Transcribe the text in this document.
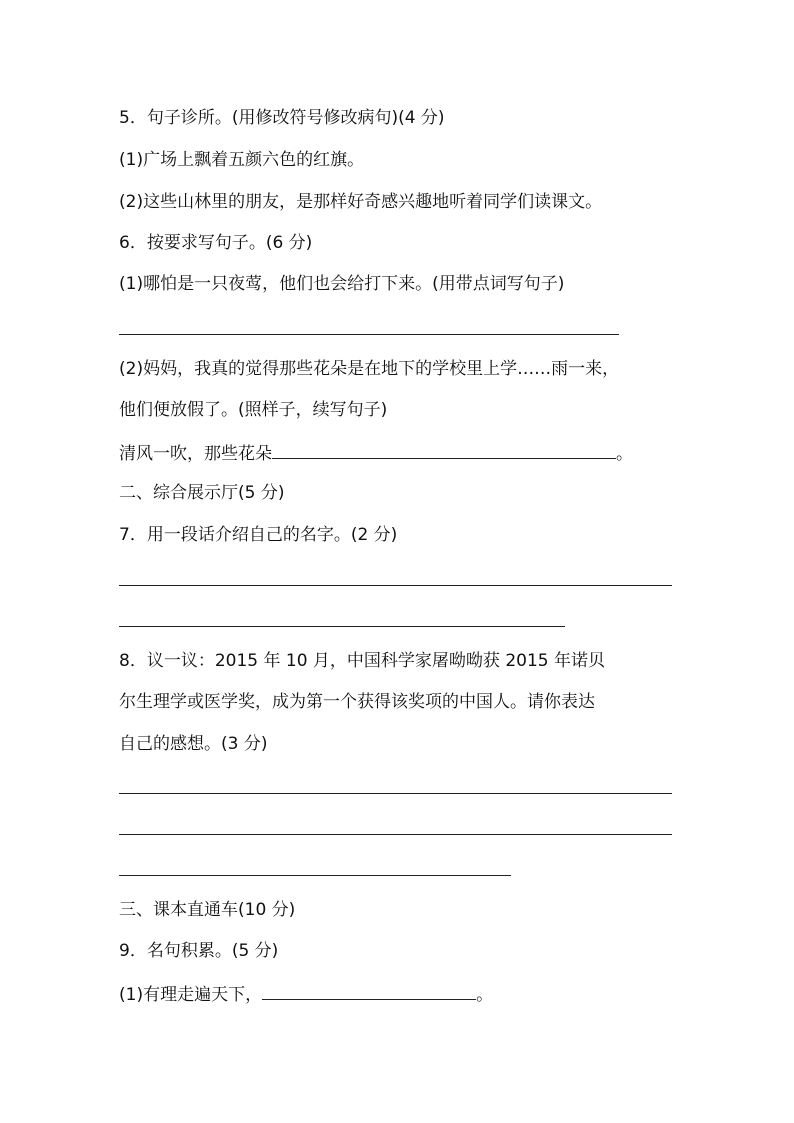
5．句子诊所。(用修改符号修改病句)(4 分)
(1)广场上飘着五颜六色的红旗。
(2)这些山林里的朋友，是那样好奇感兴趣地听着同学们读课文。
6．按要求写句子。(6 分)
(1)哪怕是一只夜莺，他们也会给打下来。(用带点词写句子)
(2)妈妈，我真的觉得那些花朵是在地下的学校里上学……雨一来，
他们便放假了。(照样子，续写句子)
清风一吹，那些花朵	。
二、综合展示厅(5 分)
7．用一段话介绍自己的名字。(2 分)
8．议一议：2015 年 10 月，中国科学家屠呦呦获 2015 年诺贝
尔生理学或医学奖，成为第一个获得该奖项的中国人。请你表达
自己的感想。(3 分)
三、课本直通车(10 分)
9．名句积累。(5 分)
(1)有理走遍天下，	。
